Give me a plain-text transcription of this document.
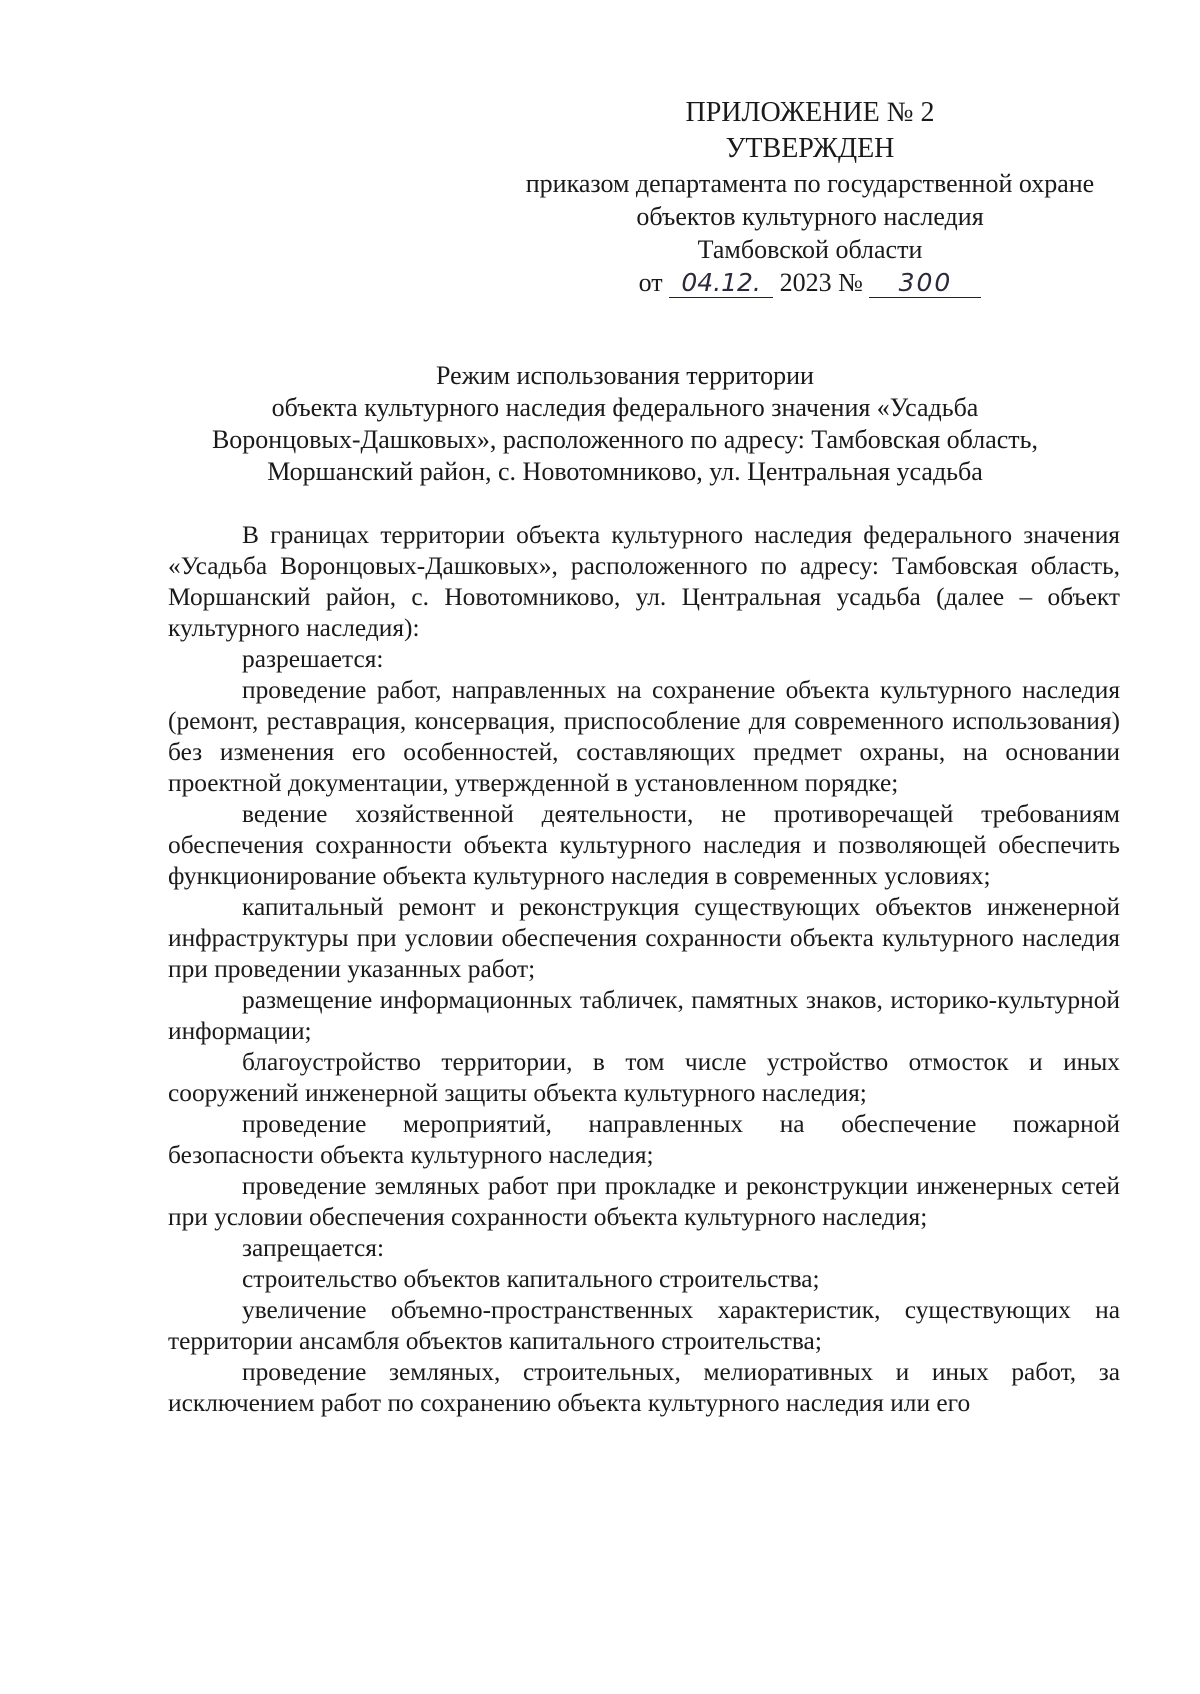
ПРИЛОЖЕНИЕ № 2
УТВЕРЖДЕН
приказом департамента по государственной охране
объектов культурного наследия
Тамбовской области
от 04.12. 2023 № 300
Режим использования территории
объекта культурного наследия федерального значения «Усадьба
Воронцовых-Дашковых», расположенного по адресу: Тамбовская область,
Моршанский район, с. Новотомниково, ул. Центральная усадьба

В границах территории объекта культурного наследия федерального значения «Усадьба Воронцовых-Дашковых», расположенного по адресу: Тамбовская область, Моршанский район, с. Новотомниково, ул. Центральная усадьба (далее – объект культурного наследия):

разрешается:

проведение работ, направленных на сохранение объекта культурного наследия (ремонт, реставрация, консервация, приспособление для современного использования) без изменения его особенностей, составляющих предмет охраны, на основании проектной документации, утвержденной в установленном порядке;

ведение хозяйственной деятельности, не противоречащей требованиям обеспечения сохранности объекта культурного наследия и позволяющей обеспечить функционирование объекта культурного наследия в современных условиях;

капитальный ремонт и реконструкция существующих объектов инженерной инфраструктуры при условии обеспечения сохранности объекта культурного наследия при проведении указанных работ;

размещение информационных табличек, памятных знаков, историко-культурной информации;

благоустройство территории, в том числе устройство отмосток и иных сооружений инженерной защиты объекта культурного наследия;

проведение мероприятий, направленных на обеспечение пожарной безопасности объекта культурного наследия;

проведение земляных работ при прокладке и реконструкции инженерных сетей при условии обеспечения сохранности объекта культурного наследия;

запрещается:

строительство объектов капитального строительства;

увеличение объемно-пространственных характеристик, существующих на территории ансамбля объектов капитального строительства;

проведение земляных, строительных, мелиоративных и иных работ, за исключением работ по сохранению объекта культурного наследия или его
